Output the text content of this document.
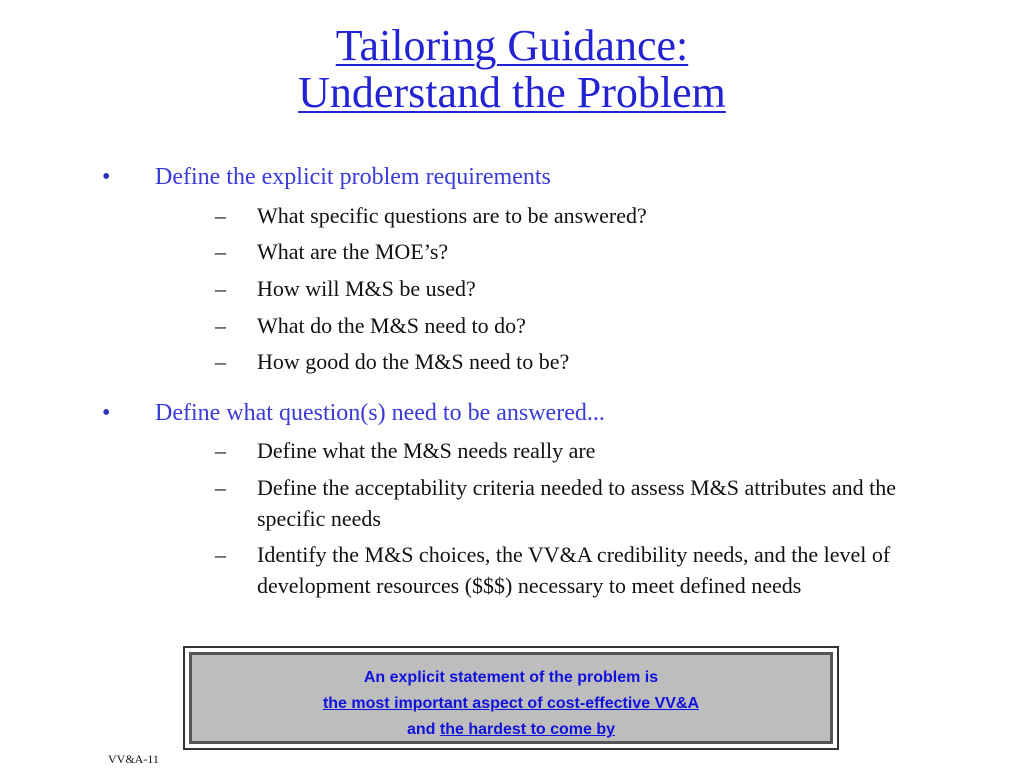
Tailoring Guidance:
Understand the Problem
• Define the explicit problem requirements
– What specific questions are to be answered?
– What are the MOE’s?
– How will M&S be used?
– What do the M&S need to do?
– How good do the M&S need to be?
• Define what question(s) need to be answered...
– Define what the M&S needs really are
– Define the acceptability criteria needed to assess M&S attributes and the specific needs
– Identify the M&S choices, the VV&A credibility needs, and the level of development resources ($$$) necessary to meet defined needs
An explicit statement of the problem is
the most important aspect of cost-effective VV&A
and the hardest to come by
VV&A-11
